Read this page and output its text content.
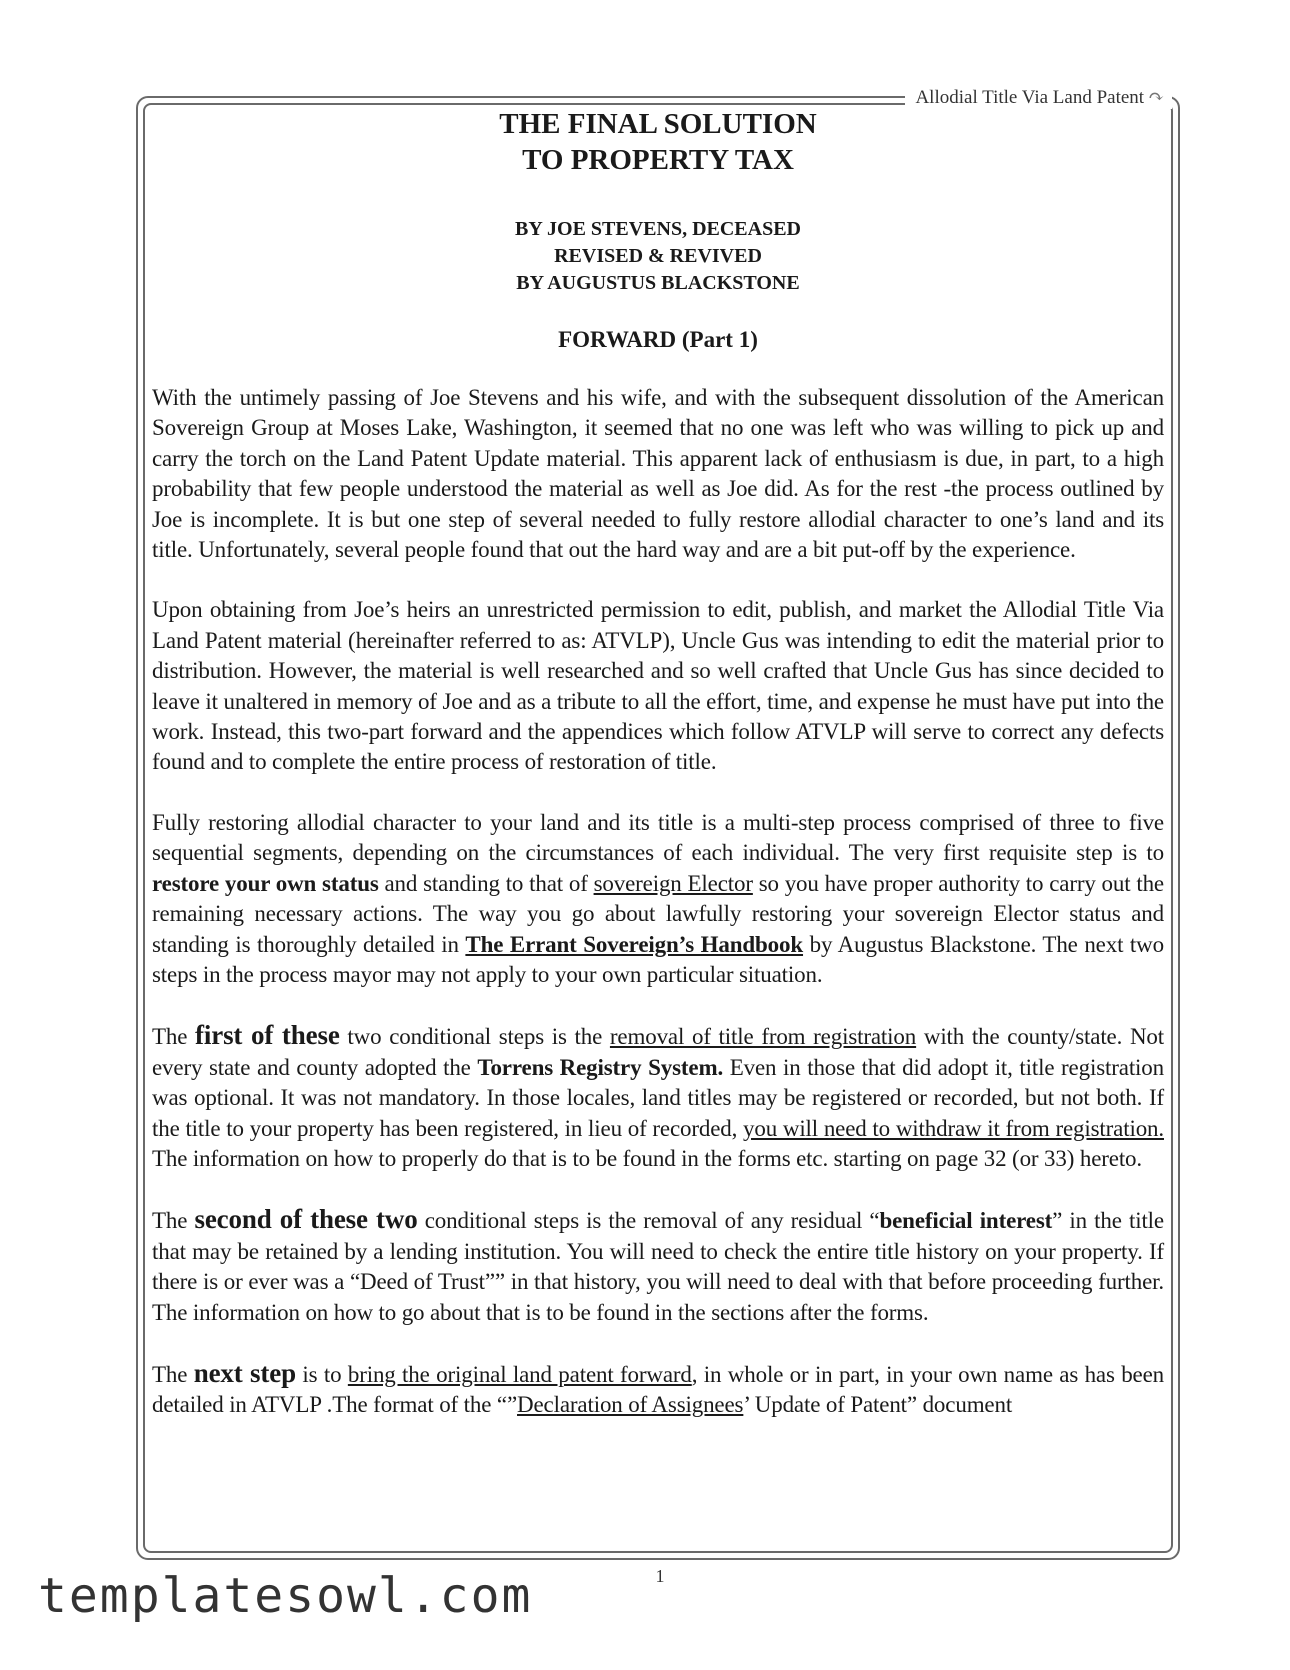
Allodial Title Via Land Patent ↷
THE FINAL SOLUTION
TO PROPERTY TAX
BY JOE STEVENS, DECEASED
REVISED & REVIVED
BY AUGUSTUS BLACKSTONE
FORWARD (Part 1)

With the untimely passing of Joe Stevens and his wife, and with the subsequent dissolution of the American Sovereign Group at Moses Lake, Washington, it seemed that no one was left who was willing to pick up and carry the torch on the Land Patent Update material. This apparent lack of enthusiasm is due, in part, to a high probability that few people understood the material as well as Joe did. As for the rest -the process outlined by Joe is incomplete. It is but one step of several needed to fully restore allodial character to one’s land and its title. Unfortunately, several people found that out the hard way and are a bit put-off by the experience.

Upon obtaining from Joe’s heirs an unrestricted permission to edit, publish, and market the Allodial Title Via Land Patent material (hereinafter referred to as: ATVLP), Uncle Gus was intending to edit the material prior to distribution. However, the material is well researched and so well crafted that Uncle Gus has since decided to leave it unaltered in memory of Joe and as a tribute to all the effort, time, and expense he must have put into the work. Instead, this two-part forward and the appendices which follow ATVLP will serve to correct any defects found and to complete the entire process of restoration of title.

Fully restoring allodial character to your land and its title is a multi-step process comprised of three to five sequential segments, depending on the circumstances of each individual. The very first requisite step is to restore your own status and standing to that of sovereign Elector so you have proper authority to carry out the remaining necessary actions. The way you go about lawfully restoring your sovereign Elector status and standing is thoroughly detailed in The Errant Sovereign’s Handbook by Augustus Blackstone. The next two steps in the process mayor may not apply to your own particular situation.

The first of these two conditional steps is the removal of title from registration with the county/state. Not every state and county adopted the Torrens Registry System. Even in those that did adopt it, title registration was optional. It was not mandatory. In those locales, land titles may be registered or recorded, but not both. If the title to your property has been registered, in lieu of recorded, you will need to withdraw it from registration. The information on how to properly do that is to be found in the forms etc. starting on page 32 (or 33) hereto.

The second of these two conditional steps is the removal of any residual “beneficial interest” in the title that may be retained by a lending institution. You will need to check the entire title history on your property. If there is or ever was a “Deed of Trust”” in that history, you will need to deal with that before proceeding further. The information on how to go about that is to be found in the sections after the forms.

The next step is to bring the original land patent forward, in whole or in part, in your own name as has been detailed in ATVLP .The format of the “”Declaration of Assignees’ Update of Patent” document

1
templatesowl.com
